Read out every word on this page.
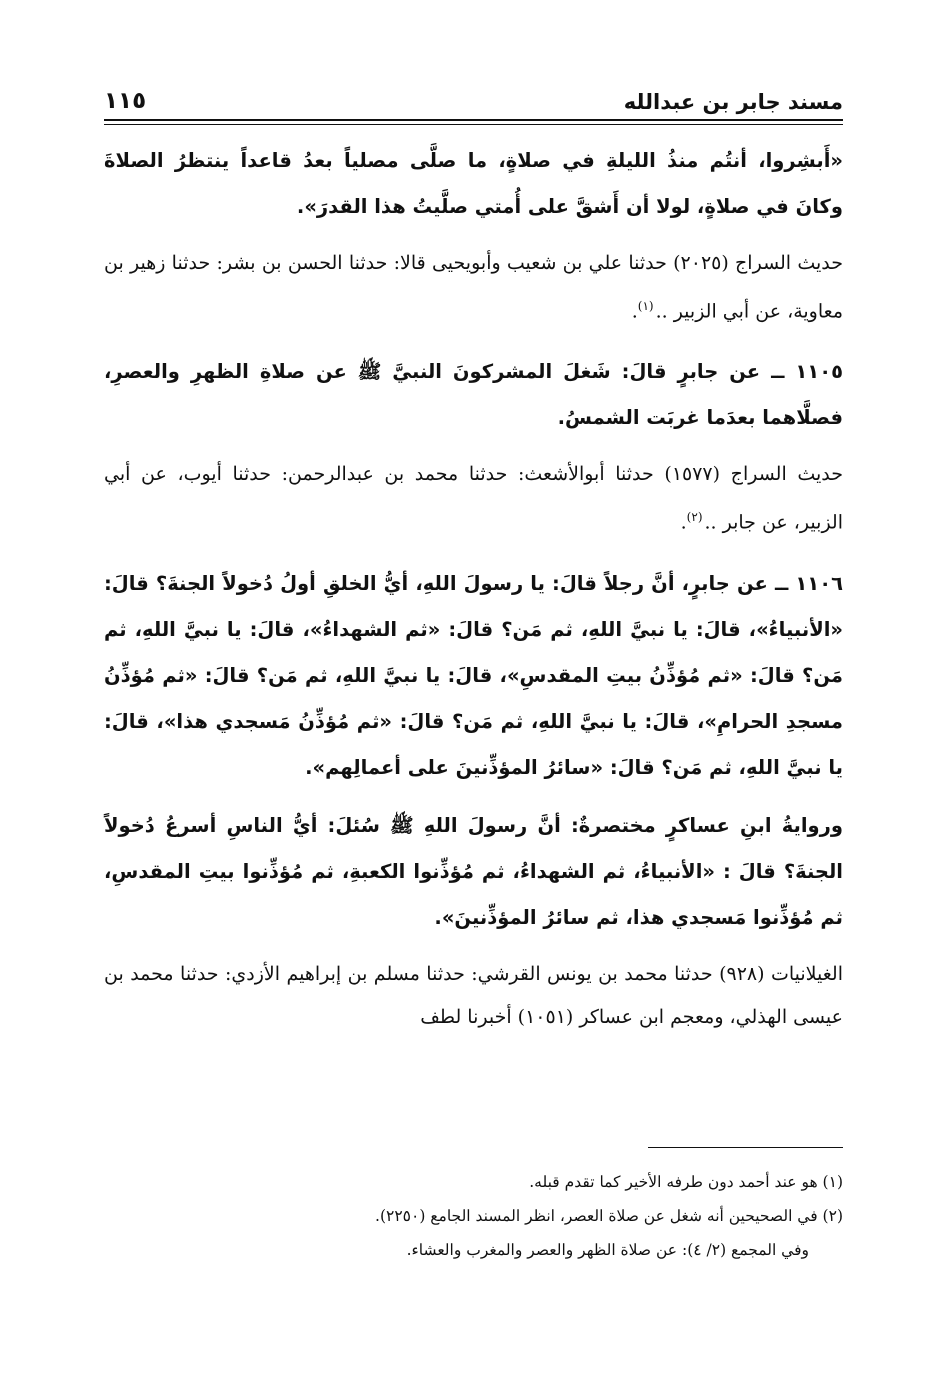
مسند جابر بن عبدالله
١١٥

«أَبشِروا، أنتُم منذُ الليلةِ في صلاةٍ، ما صلَّى مصلياً بعدُ قاعداً ينتظرُ الصلاةَ وكانَ في صلاةٍ، لولا أن أَشقَّ على أُمتي صلَّيتُ هذا القدرَ».

حديث السراج (٢٠٢٥) حدثنا علي بن شعيب وأبويحيى قالا: حدثنا الحسن بن بشر: حدثنا زهير بن معاوية، عن أبي الزبير ..$^{(١)}$.

١١٠٥ ــ عن جابرٍ قالَ: شَغلَ المشركونَ النبيَّ ﷺ عن صلاةِ الظهرِ والعصرِ، فصلَّاهما بعدَما غربَت الشمسُ.

حديث السراج (١٥٧٧) حدثنا أبوالأشعث: حدثنا محمد بن عبدالرحمن: حدثنا أيوب، عن أبي الزبير، عن جابر ..$^{(٢)}$.

١١٠٦ ــ عن جابرٍ، أنَّ رجلاً قالَ: يا رسولَ اللهِ، أيُّ الخلقِ أولُ دُخولاً الجنةَ؟ قالَ: «الأنبياءُ»، قالَ: يا نبيَّ اللهِ، ثم مَن؟ قالَ: «ثم الشهداءُ»، قالَ: يا نبيَّ اللهِ، ثم مَن؟ قالَ: «ثم مُؤذِّنُ بيتِ المقدسِ»، قالَ: يا نبيَّ اللهِ، ثم مَن؟ قالَ: «ثم مُؤذِّنُ مسجدِ الحرامِ»، قالَ: يا نبيَّ اللهِ، ثم مَن؟ قالَ: «ثم مُؤذِّنُ مَسجدي هذا»، قالَ: يا نبيَّ اللهِ، ثم مَن؟ قالَ: «سائرُ المؤذِّنينَ على أعمالِهم».

وروايةُ ابنِ عساكرٍ مختصرةٌ: أنَّ رسولَ اللهِ ﷺ سُئلَ: أيُّ الناسِ أسرعُ دُخولاً الجنةَ؟ قالَ : «الأنبياءُ، ثم الشهداءُ، ثم مُؤذِّنوا الكعبةِ، ثم مُؤذِّنوا بيتِ المقدسِ، ثم مُؤذِّنوا مَسجدي هذا، ثم سائرُ المؤذِّنينَ».

الغيلانيات (٩٢٨) حدثنا محمد بن يونس القرشي: حدثنا مسلم بن إبراهيم الأزدي: حدثنا محمد بن عيسى الهذلي، ومعجم ابن عساكر (١٠٥١) أخبرنا لطف

(١) هو عند أحمد دون طرفه الأخير كما تقدم قبله.

(٢) في الصحيحين أنه شغل عن صلاة العصر، انظر المسند الجامع (٢٢٥٠).

وفي المجمع (٢/ ٤): عن صلاة الظهر والعصر والمغرب والعشاء.
